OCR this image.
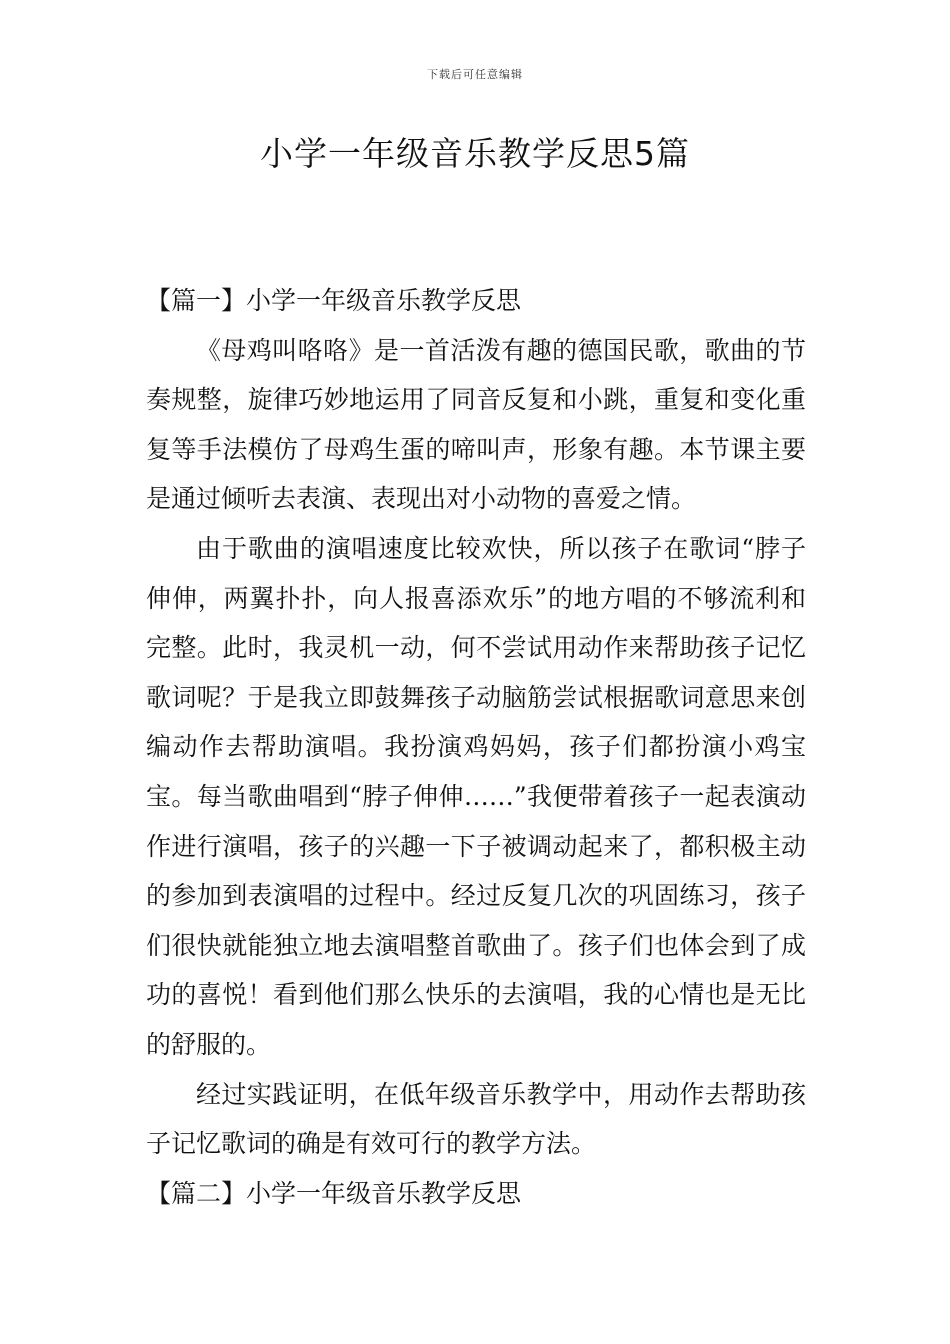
下载后可任意编辑
小学一年级音乐教学反思5篇
【篇一】小学一年级音乐教学反思

《母鸡叫咯咯》是一首活泼有趣的德国民歌，歌曲的节奏规整，旋律巧妙地运用了同音反复和小跳，重复和变化重复等手法模仿了母鸡生蛋的啼叫声，形象有趣。本节课主要是通过倾听去表演、表现出对小动物的喜爱之情。

由于歌曲的演唱速度比较欢快，所以孩子在歌词“脖子伸伸，两翼扑扑，向人报喜添欢乐”的地方唱的不够流利和完整。此时，我灵机一动，何不尝试用动作来帮助孩子记忆歌词呢？于是我立即鼓舞孩子动脑筋尝试根据歌词意思来创编动作去帮助演唱。我扮演鸡妈妈，孩子们都扮演小鸡宝宝。每当歌曲唱到“脖子伸伸……”我便带着孩子一起表演动作进行演唱，孩子的兴趣一下子被调动起来了，都积极主动的参加到表演唱的过程中。经过反复几次的巩固练习，孩子们很快就能独立地去演唱整首歌曲了。孩子们也体会到了成功的喜悦！看到他们那么快乐的去演唱，我的心情也是无比的舒服的。

经过实践证明，在低年级音乐教学中，用动作去帮助孩子记忆歌词的确是有效可行的教学方法。

【篇二】小学一年级音乐教学反思
